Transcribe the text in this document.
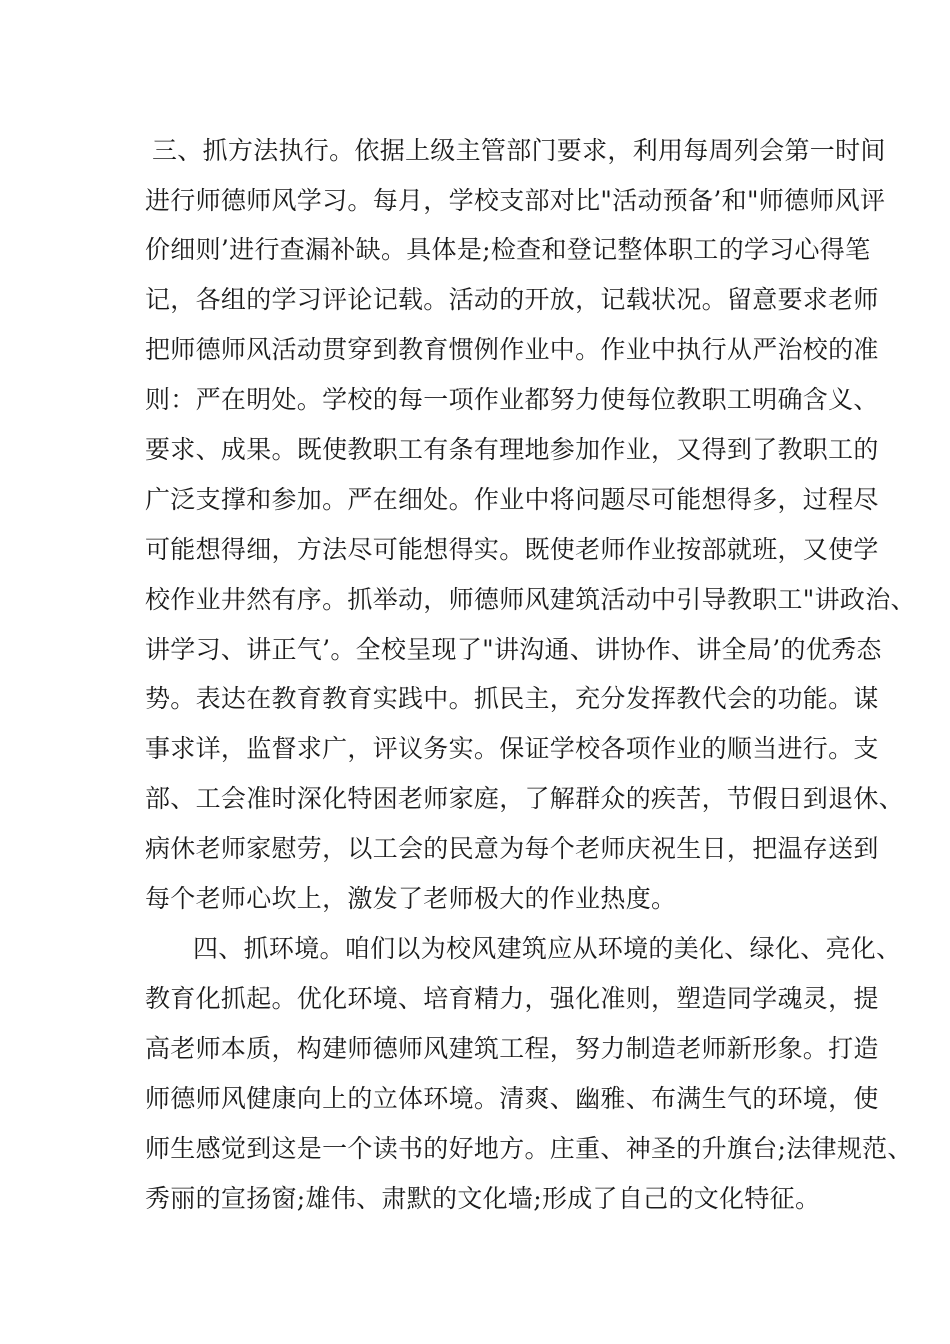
三、抓方法执行。依据上级主管部门要求，利用每周列会第一时间
进行师德师风学习。每月，学校支部对比"活动预备’和"师德师风评
价细则’进行查漏补缺。具体是;检查和登记整体职工的学习心得笔
记，各组的学习评论记载。活动的开放，记载状况。留意要求老师
把师德师风活动贯穿到教育惯例作业中。作业中执行从严治校的准
则：严在明处。学校的每一项作业都努力使每位教职工明确含义、
要求、成果。既使教职工有条有理地参加作业，又得到了教职工的
广泛支撑和参加。严在细处。作业中将问题尽可能想得多，过程尽
可能想得细，方法尽可能想得实。既使老师作业按部就班，又使学
校作业井然有序。抓举动，师德师风建筑活动中引导教职工"讲政治、
讲学习、讲正气’。全校呈现了"讲沟通、讲协作、讲全局’的优秀态
势。表达在教育教育实践中。抓民主，充分发挥教代会的功能。谋
事求详，监督求广，评议务实。保证学校各项作业的顺当进行。支
部、工会准时深化特困老师家庭，了解群众的疾苦，节假日到退休、
病休老师家慰劳，以工会的民意为每个老师庆祝生日，把温存送到
每个老师心坎上，激发了老师极大的作业热度。
四、抓环境。咱们以为校风建筑应从环境的美化、绿化、亮化、
教育化抓起。优化环境、培育精力，强化准则，塑造同学魂灵，提
高老师本质，构建师德师风建筑工程，努力制造老师新形象。打造
师德师风健康向上的立体环境。清爽、幽雅、布满生气的环境，使
师生感觉到这是一个读书的好地方。庄重、神圣的升旗台;法律规范、
秀丽的宣扬窗;雄伟、肃默的文化墙;形成了自己的文化特征。
